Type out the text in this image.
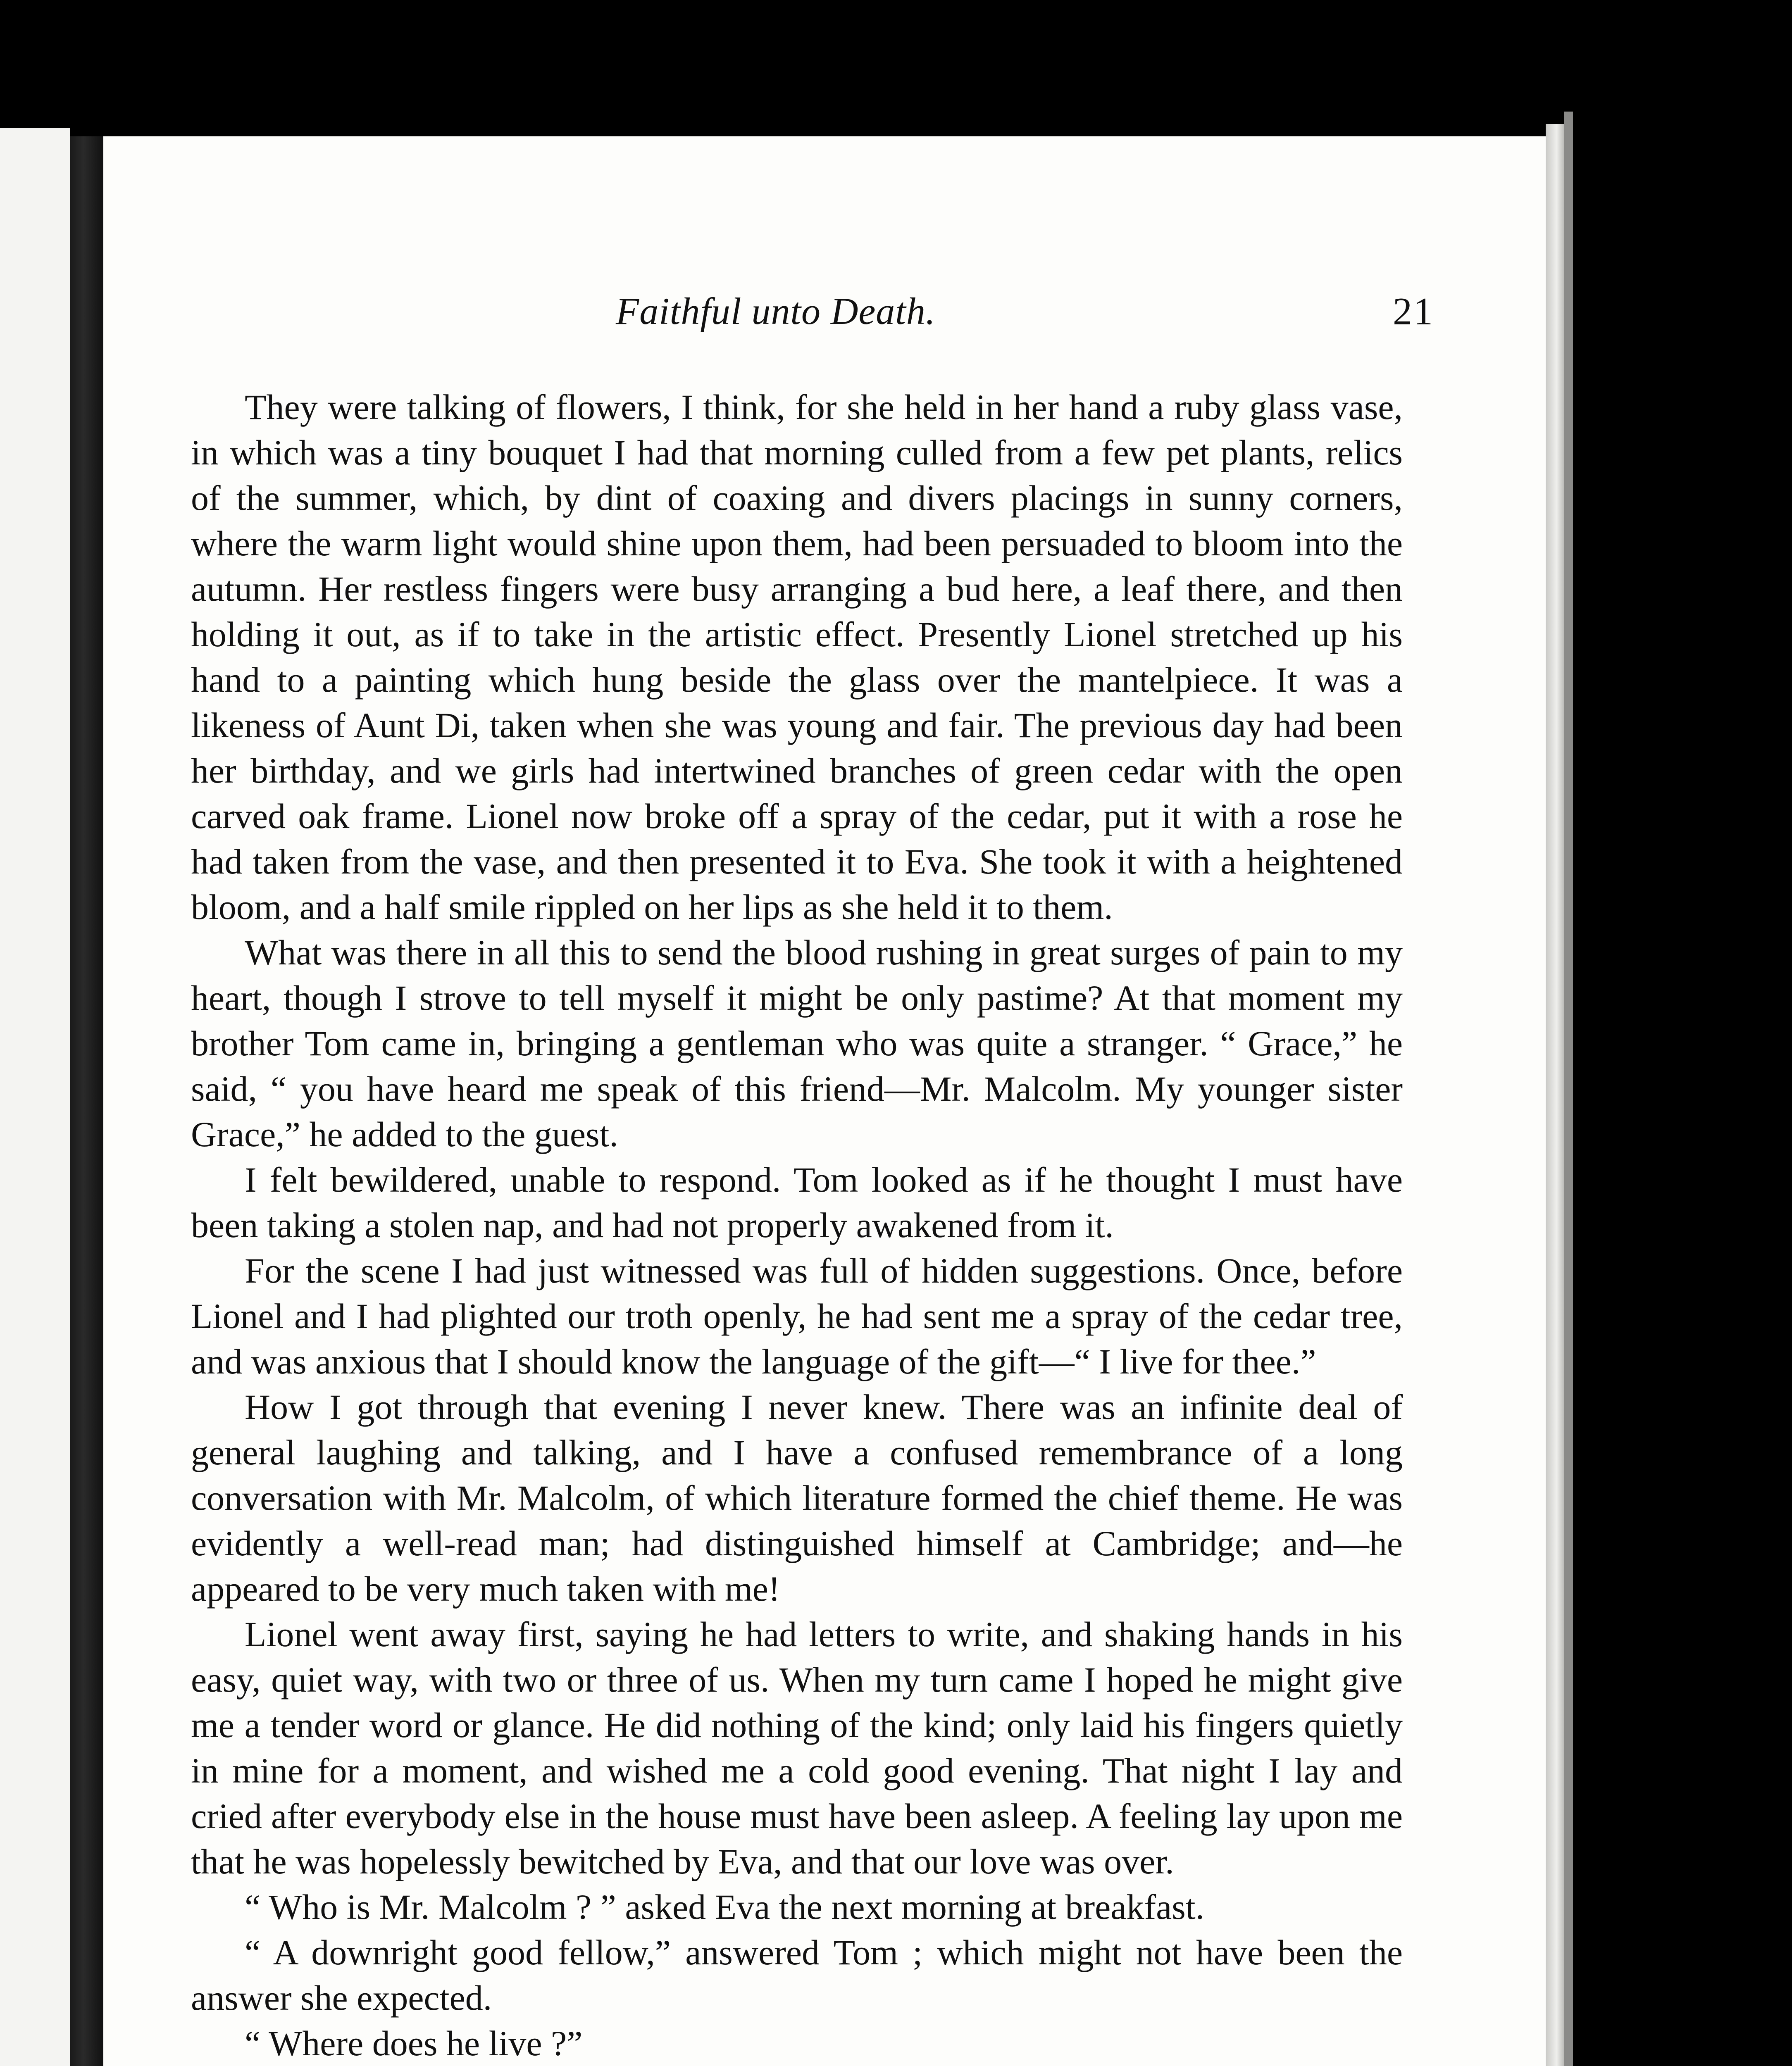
Faithful unto Death.	21

They were talking of flowers, I think, for she held in her hand a ruby glass vase, in which was a tiny bouquet I had that morning culled from a few pet plants, relics of the summer, which, by dint of coaxing and divers placings in sunny corners, where the warm light would shine upon them, had been persuaded to bloom into the autumn. Her restless fingers were busy arranging a bud here, a leaf there, and then holding it out, as if to take in the artistic effect. Presently Lionel stretched up his hand to a painting which hung beside the glass over the mantelpiece. It was a likeness of Aunt Di, taken when she was young and fair. The previous day had been her birthday, and we girls had intertwined branches of green cedar with the open carved oak frame. Lionel now broke off a spray of the cedar, put it with a rose he had taken from the vase, and then presented it to Eva. She took it with a heightened bloom, and a half smile rippled on her lips as she held it to them.

What was there in all this to send the blood rushing in great surges of pain to my heart, though I strove to tell myself it might be only pastime? At that moment my brother Tom came in, bringing a gentleman who was quite a stranger. “ Grace,” he said, “ you have heard me speak of this friend—Mr. Malcolm. My younger sister Grace,” he added to the guest.

I felt bewildered, unable to respond. Tom looked as if he thought I must have been taking a stolen nap, and had not properly awakened from it.

For the scene I had just witnessed was full of hidden suggestions. Once, before Lionel and I had plighted our troth openly, he had sent me a spray of the cedar tree, and was anxious that I should know the language of the gift—“ I live for thee.”

How I got through that evening I never knew. There was an infinite deal of general laughing and talking, and I have a confused remembrance of a long conversation with Mr. Malcolm, of which literature formed the chief theme. He was evidently a well-read man; had distinguished himself at Cambridge; and—he appeared to be very much taken with me!

Lionel went away first, saying he had letters to write, and shaking hands in his easy, quiet way, with two or three of us. When my turn came I hoped he might give me a tender word or glance. He did nothing of the kind; only laid his fingers quietly in mine for a moment, and wished me a cold good evening. That night I lay and cried after everybody else in the house must have been asleep. A feeling lay upon me that he was hopelessly bewitched by Eva, and that our love was over.

“ Who is Mr. Malcolm ? ” asked Eva the next morning at breakfast.

“ A downright good fellow,” answered Tom ; which might not have been the answer she expected.

“ Where does he live ?”
